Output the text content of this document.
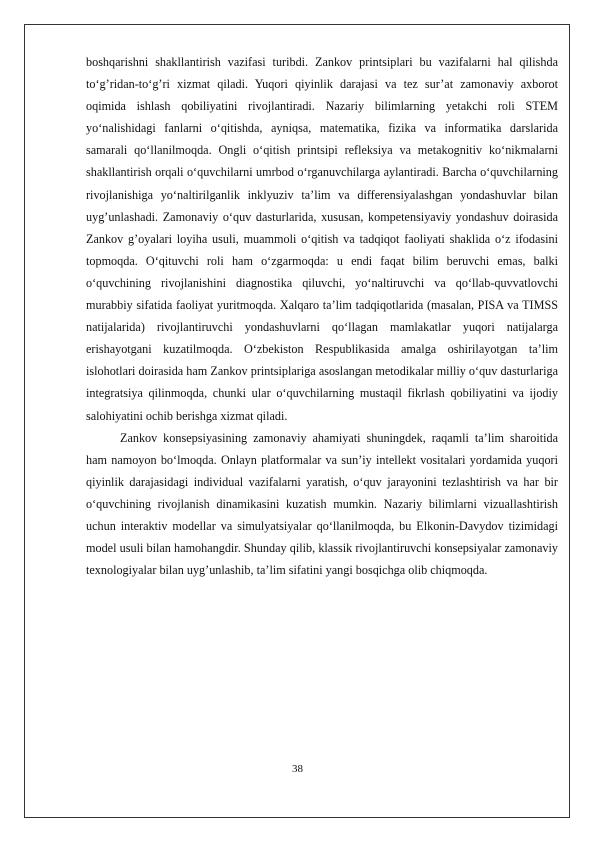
boshqarishni shakllantirish vazifasi turibdi. Zankov printsiplari bu vazifalarni hal qilishda to‘g’ridan-to‘g’ri xizmat qiladi. Yuqori qiyinlik darajasi va tez sur’at zamonaviy axborot oqimida ishlash qobiliyatini rivojlantiradi. Nazariy bilimlarning yetakchi roli STEM yo‘nalishidagi fanlarni o‘qitishda, ayniqsa, matematika, fizika va informatika darslarida samarali qo‘llanilmoqda. Ongli o‘qitish printsipi refleksiya va metakognitiv ko‘nikmalarni shakllantirish orqali o‘quvchilarni umrbod o‘rganuvchilarga aylantiradi. Barcha o‘quvchilarning rivojlanishiga yo‘naltirilganlik inklyuziv ta’lim va differensiyalashgan yondashuvlar bilan uyg’unlashadi. Zamonaviy o‘quv dasturlarida, xususan, kompetensiyaviy yondashuv doirasida Zankov g’oyalari loyiha usuli, muammoli o‘qitish va tadqiqot faoliyati shaklida o‘z ifodasini topmoqda. O‘qituvchi roli ham o‘zgarmoqda: u endi faqat bilim beruvchi emas, balki o‘quvchining rivojlanishini diagnostika qiluvchi, yo‘naltiruvchi va qo‘llab-quvvatlovchi murabbiy sifatida faoliyat yuritmoqda. Xalqaro ta’lim tadqiqotlarida (masalan, PISA va TIMSS natijalarida) rivojlantiruvchi yondashuvlarni qo‘llagan mamlakatlar yuqori natijalarga erishayotgani kuzatilmoqda. O‘zbekiston Respublikasida amalga oshirilayotgan ta’lim islohotlari doirasida ham Zankov printsiplariga asoslangan metodikalar milliy o‘quv dasturlariga integratsiya qilinmoqda, chunki ular o‘quvchilarning mustaqil fikrlash qobiliyatini va ijodiy salohiyatini ochib berishga xizmat qiladi.

Zankov konsepsiyasining zamonaviy ahamiyati shuningdek, raqamli ta’lim sharoitida ham namoyon bo‘lmoqda. Onlayn platformalar va sun’iy intellekt vositalari yordamida yuqori qiyinlik darajasidagi individual vazifalarni yaratish, o‘quv jarayonini tezlashtirish va har bir o‘quvchining rivojlanish dinamikasini kuzatish mumkin. Nazariy bilimlarni vizuallashtirish uchun interaktiv modellar va simulyatsiyalar qo‘llanilmoqda, bu Elkonin-Davydov tizimidagi model usuli bilan hamohangdir. Shunday qilib, klassik rivojlantiruvchi konsepsiyalar zamonaviy texnologiyalar bilan uyg’unlashib, ta’lim sifatini yangi bosqichga olib chiqmoqda.

38
